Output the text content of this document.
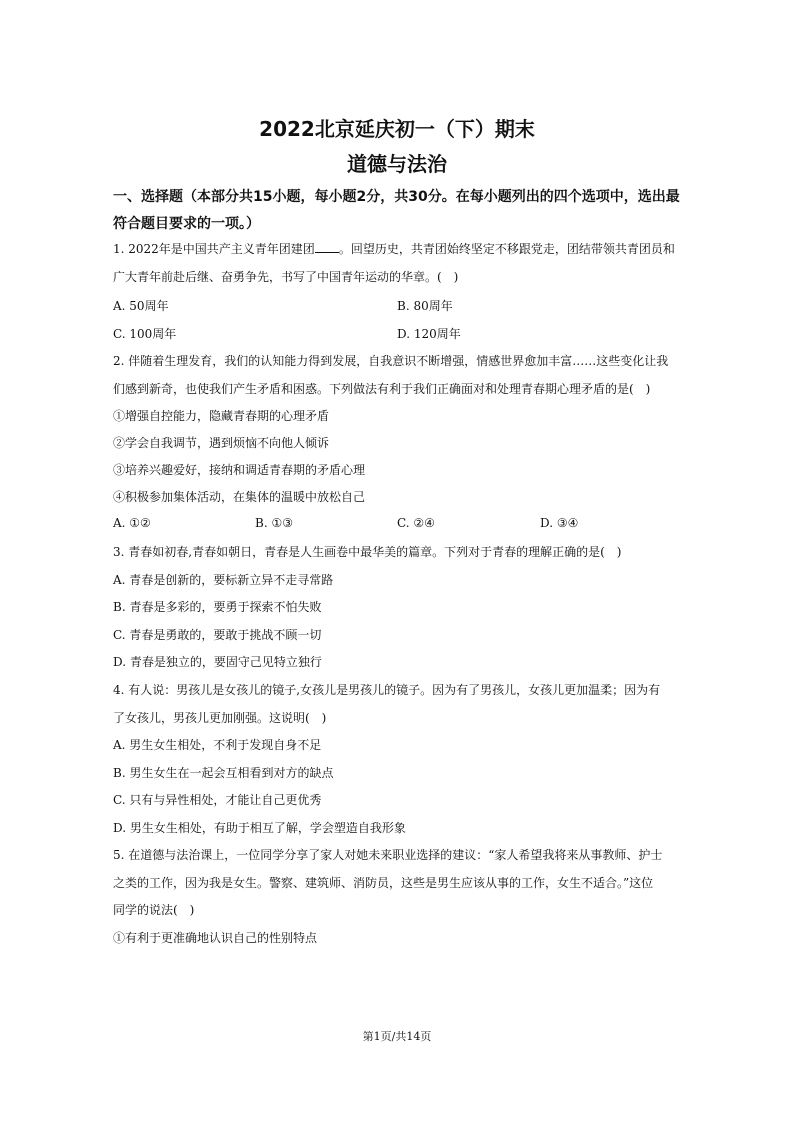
2022北京延庆初一（下）期末
道德与法治
一、选择题（本部分共15小题，每小题2分，共30分。在每小题列出的四个选项中，选出最符合题目要求的一项。）
1. 2022年是中国共产主义青年团建团 。回望历史，共青团始终坚定不移跟党走，团结带领共青团员和
广大青年前赴后继、奋勇争先，书写了中国青年运动的华章。(　)
A. 50周年	B. 80周年
C. 100周年	D. 120周年
2. 伴随着生理发育，我们的认知能力得到发展，自我意识不断增强，情感世界愈加丰富……这些变化让我
们感到新奇，也使我们产生矛盾和困惑。下列做法有利于我们正确面对和处理青春期心理矛盾的是(　)
①增强自控能力，隐藏青春期的心理矛盾
②学会自我调节，遇到烦恼不向他人倾诉
③培养兴趣爱好，接纳和调适青春期的矛盾心理
④积极参加集体活动，在集体的温暖中放松自己
A. ①②	B. ①③	C. ②④	D. ③④
3. 青春如初春,青春如朝日，青春是人生画卷中最华美的篇章。下列对于青春的理解正确的是(　)
A. 青春是创新的，要标新立异不走寻常路
B. 青春是多彩的，要勇于探索不怕失败
C. 青春是勇敢的，要敢于挑战不顾一切
D. 青春是独立的，要固守己见特立独行
4. 有人说：男孩儿是女孩儿的镜子,女孩儿是男孩儿的镜子。因为有了男孩儿，女孩儿更加温柔；因为有
了女孩儿，男孩儿更加刚强。这说明(　)
A. 男生女生相处，不利于发现自身不足
B. 男生女生在一起会互相看到对方的缺点
C. 只有与异性相处，才能让自己更优秀
D. 男生女生相处，有助于相互了解，学会塑造自我形象
5. 在道德与法治课上，一位同学分享了家人对她未来职业选择的建议：“家人希望我将来从事教师、护士
之类的工作，因为我是女生。警察、建筑师、消防员，这些是男生应该从事的工作，女生不适合。”这位
同学的说法(　)
①有利于更准确地认识自己的性别特点
第1页/共14页
